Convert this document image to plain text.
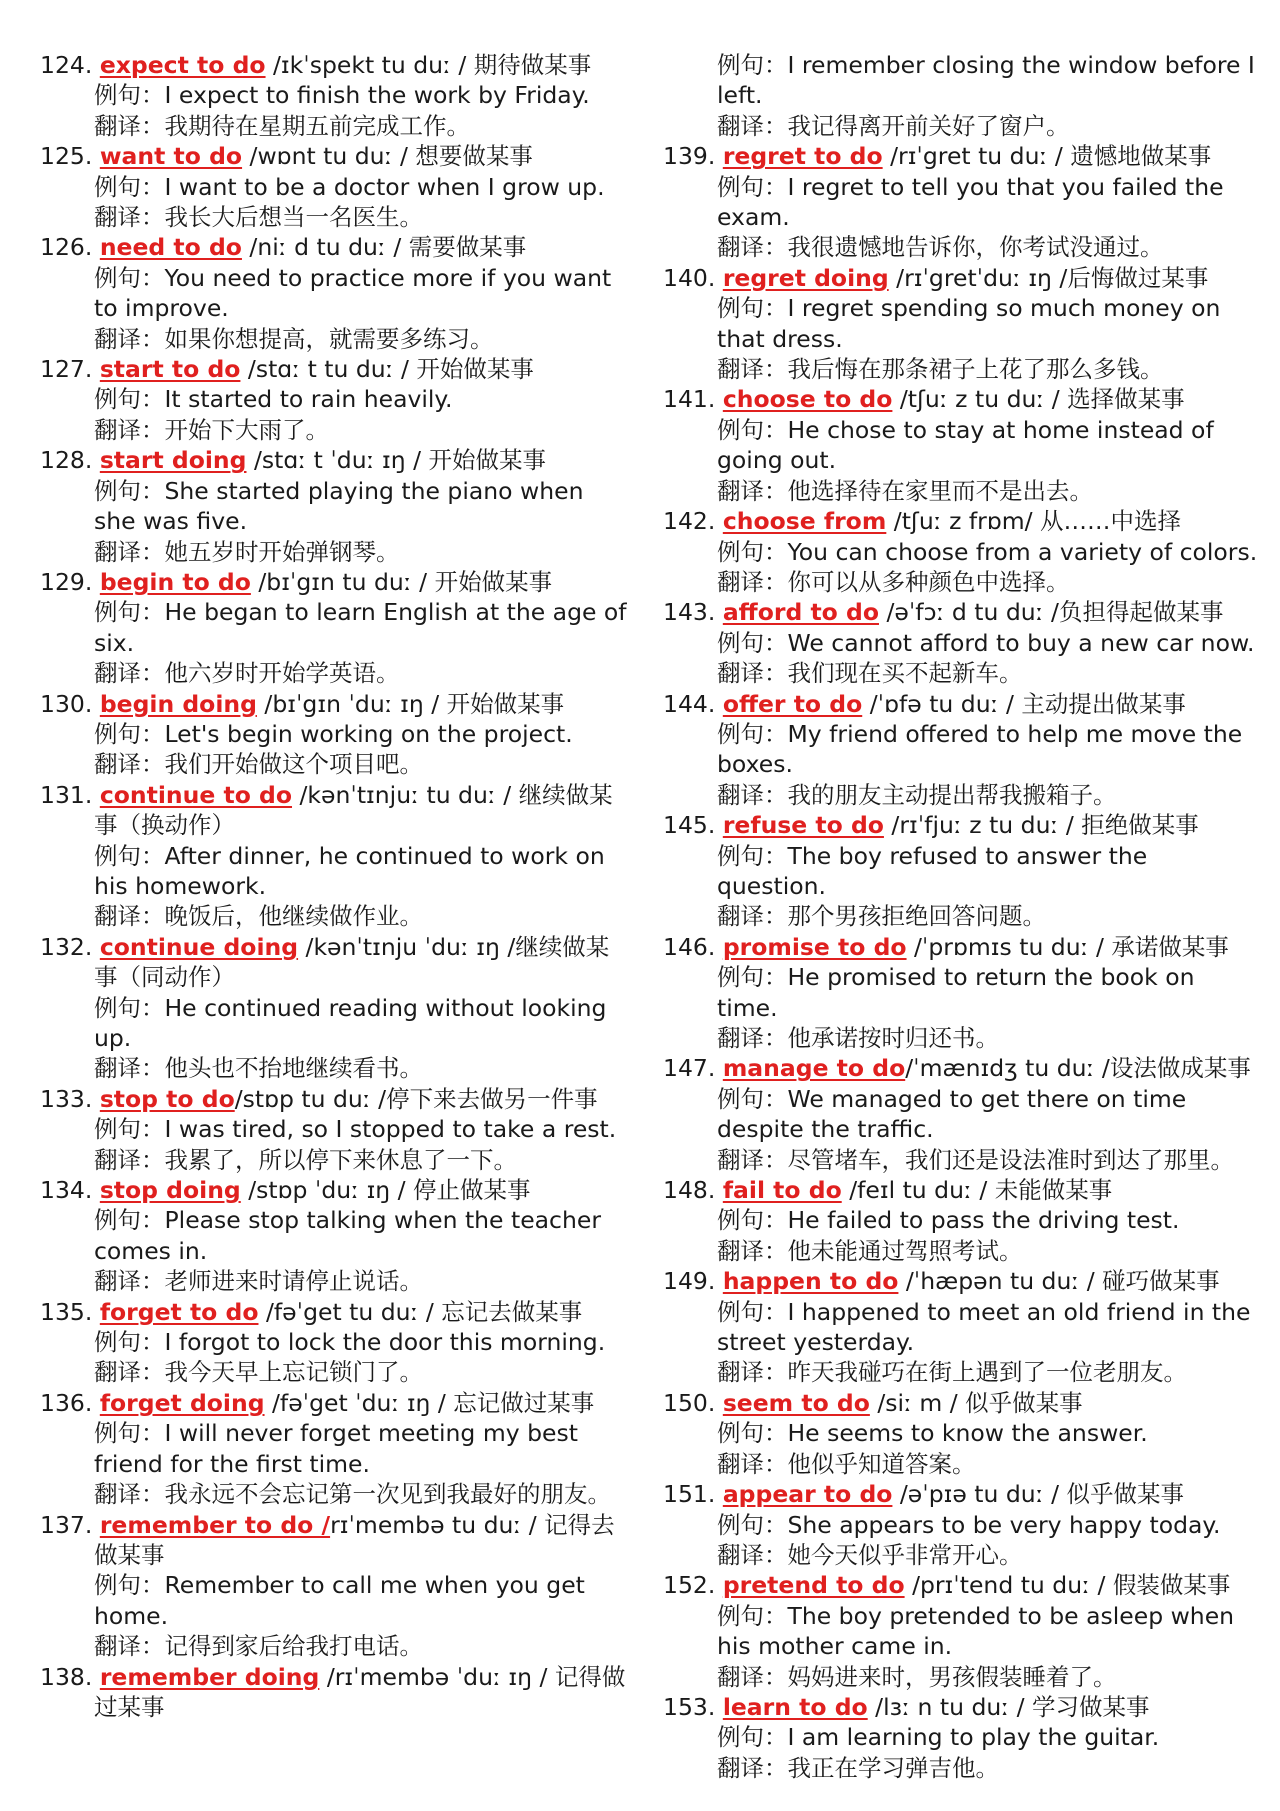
124. expect to do /ɪkˈspekt tu duː / 期待做某事
例句：I expect to finish the work by Friday.
翻译：我期待在星期五前完成工作。
125. want to do /wɒnt tu duː / 想要做某事
例句：I want to be a doctor when I grow up.
翻译：我长大后想当一名医生。
126. need to do /niː d tu duː / 需要做某事
例句：You need to practice more if you want to improve.
翻译：如果你想提高，就需要多练习。
127. start to do /stɑː t tu duː / 开始做某事
例句：It started to rain heavily.
翻译：开始下大雨了。
128. start doing /stɑː t ˈduː ɪŋ / 开始做某事
例句：She started playing the piano when she was five.
翻译：她五岁时开始弹钢琴。
129. begin to do /bɪˈgɪn tu duː / 开始做某事
例句：He began to learn English at the age of six.
翻译：他六岁时开始学英语。
130. begin doing /bɪˈgɪn ˈduː ɪŋ / 开始做某事
例句：Let's begin working on the project.
翻译：我们开始做这个项目吧。
131. continue to do /kənˈtɪnjuː tu duː / 继续做某事（换动作）
例句：After dinner, he continued to work on his homework.
翻译：晚饭后，他继续做作业。
132. continue doing /kənˈtɪnju ˈduː ɪŋ /继续做某事（同动作）
例句：He continued reading without looking up.
翻译：他头也不抬地继续看书。
133. stop to do/stɒp tu duː /停下来去做另一件事
例句：I was tired, so I stopped to take a rest.
翻译：我累了，所以停下来休息了一下。
134. stop doing /stɒp ˈduː ɪŋ / 停止做某事
例句：Please stop talking when the teacher comes in.
翻译：老师进来时请停止说话。
135. forget to do /fəˈget tu duː / 忘记去做某事
例句：I forgot to lock the door this morning.
翻译：我今天早上忘记锁门了。
136. forget doing /fəˈget ˈduː ɪŋ / 忘记做过某事
例句：I will never forget meeting my best friend for the first time.
翻译：我永远不会忘记第一次见到我最好的朋友。
137. remember to do /rɪˈmembə tu duː / 记得去做某事
例句：Remember to call me when you get home.
翻译：记得到家后给我打电话。
138. remember doing /rɪˈmembə ˈduː ɪŋ / 记得做过某事
例句：I remember closing the window before I left.
翻译：我记得离开前关好了窗户。
139. regret to do /rɪˈgret tu duː / 遗憾地做某事
例句：I regret to tell you that you failed the exam.
翻译：我很遗憾地告诉你，你考试没通过。
140. regret doing /rɪˈgretˈduː ɪŋ /后悔做过某事
例句：I regret spending so much money on that dress.
翻译：我后悔在那条裙子上花了那么多钱。
141. choose to do /tʃuː z tu duː / 选择做某事
例句：He chose to stay at home instead of going out.
翻译：他选择待在家里而不是出去。
142. choose from /tʃuː z frɒm/ 从……中选择
例句：You can choose from a variety of colors.
翻译：你可以从多种颜色中选择。
143. afford to do /əˈfɔː d tu duː /负担得起做某事
例句：We cannot afford to buy a new car now.
翻译：我们现在买不起新车。
144. offer to do /ˈɒfə tu duː / 主动提出做某事
例句：My friend offered to help me move the boxes.
翻译：我的朋友主动提出帮我搬箱子。
145. refuse to do /rɪˈfjuː z tu duː / 拒绝做某事
例句：The boy refused to answer the question.
翻译：那个男孩拒绝回答问题。
146. promise to do /ˈprɒmɪs tu duː / 承诺做某事
例句：He promised to return the book on time.
翻译：他承诺按时归还书。
147. manage to do/ˈmænɪdʒ tu duː /设法做成某事
例句：We managed to get there on time despite the traffic.
翻译：尽管堵车，我们还是设法准时到达了那里。
148. fail to do /feɪl tu duː / 未能做某事
例句：He failed to pass the driving test.
翻译：他未能通过驾照考试。
149. happen to do /ˈhæpən tu duː / 碰巧做某事
例句：I happened to meet an old friend in the street yesterday.
翻译：昨天我碰巧在街上遇到了一位老朋友。
150. seem to do /siː m / 似乎做某事
例句：He seems to know the answer.
翻译：他似乎知道答案。
151. appear to do /əˈpɪə tu duː / 似乎做某事
例句：She appears to be very happy today.
翻译：她今天似乎非常开心。
152. pretend to do /prɪˈtend tu duː / 假装做某事
例句：The boy pretended to be asleep when his mother came in.
翻译：妈妈进来时，男孩假装睡着了。
153. learn to do /lɜː n tu duː / 学习做某事
例句：I am learning to play the guitar.
翻译：我正在学习弹吉他。
